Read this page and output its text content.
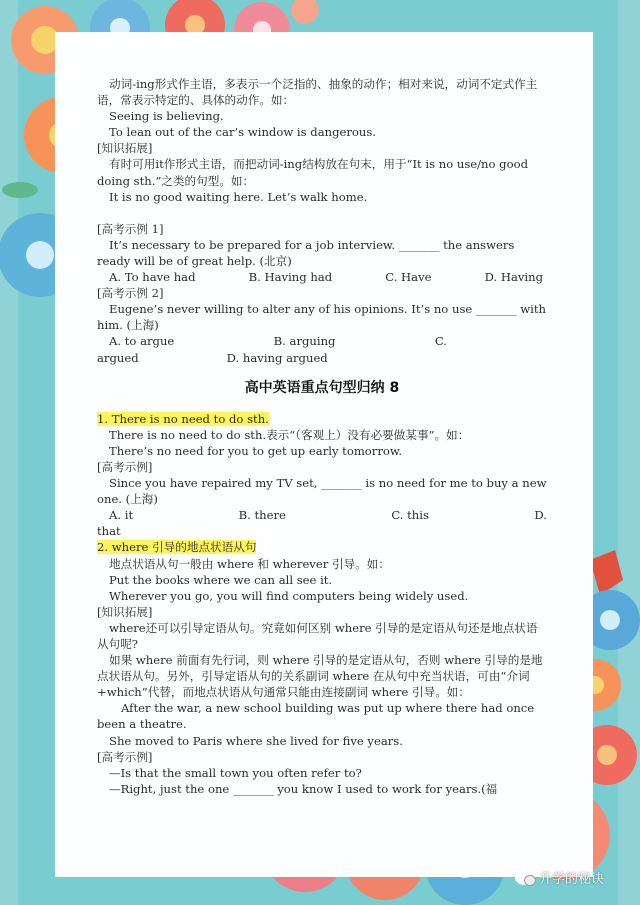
动词-ing形式作主语，多表示一个泛指的、抽象的动作；相对来说，动词不定式作主语，常表示特定的、具体的动作。如：

Seeing is believing.

To lean out of the car’s window is dangerous.

[知识拓展]

有时可用it作形式主语，而把动词-ing结构放在句末，用于“It is no use/no good doing sth.”之类的句型。如：

It is no good waiting here. Let’s walk home.

[高考示例 1]

It’s necessary to be prepared for a job interview. _______ the answers ready will be of great help. (北京)

A. To have had	B. Having had	C. Have	D. Having

[高考示例 2]

Eugene’s never willing to alter any of his opinions. It’s no use _______ with him. (上海)

A. to argue	B. arguing	C.
argued	D. having argued
高中英语重点句型归纳 8

1. There is no need to do sth.

There is no need to do sth.表示“（客观上）没有必要做某事”。如：

There’s no need for you to get up early tomorrow.

[高考示例]

Since you have repaired my TV set, _______ is no need for me to buy a new one. (上海)

A. it	B. there	C. this	D.

that

2. where 引导的地点状语从句

地点状语从句一般由 where 和 wherever 引导。如：

Put the books where we can all see it.

Wherever you go, you will find computers being widely used.

[知识拓展]

where还可以引导定语从句。究竟如何区别 where 引导的是定语从句还是地点状语从句呢?

如果 where 前面有先行词，则 where 引导的是定语从句，否则 where 引导的是地点状语从句。另外，引导定语从句的关系副词 where 在从句中充当状语，可由“介词+which”代替，而地点状语从句通常只能由连接副词 where 引导。如：

After the war, a new school building was put up where there had once been a theatre.

She moved to Paris where she lived for five years.

[高考示例]

—Is that the small town you often refer to?

—Right, just the one _______ you know I used to work for years.(福

升学的秘诀
